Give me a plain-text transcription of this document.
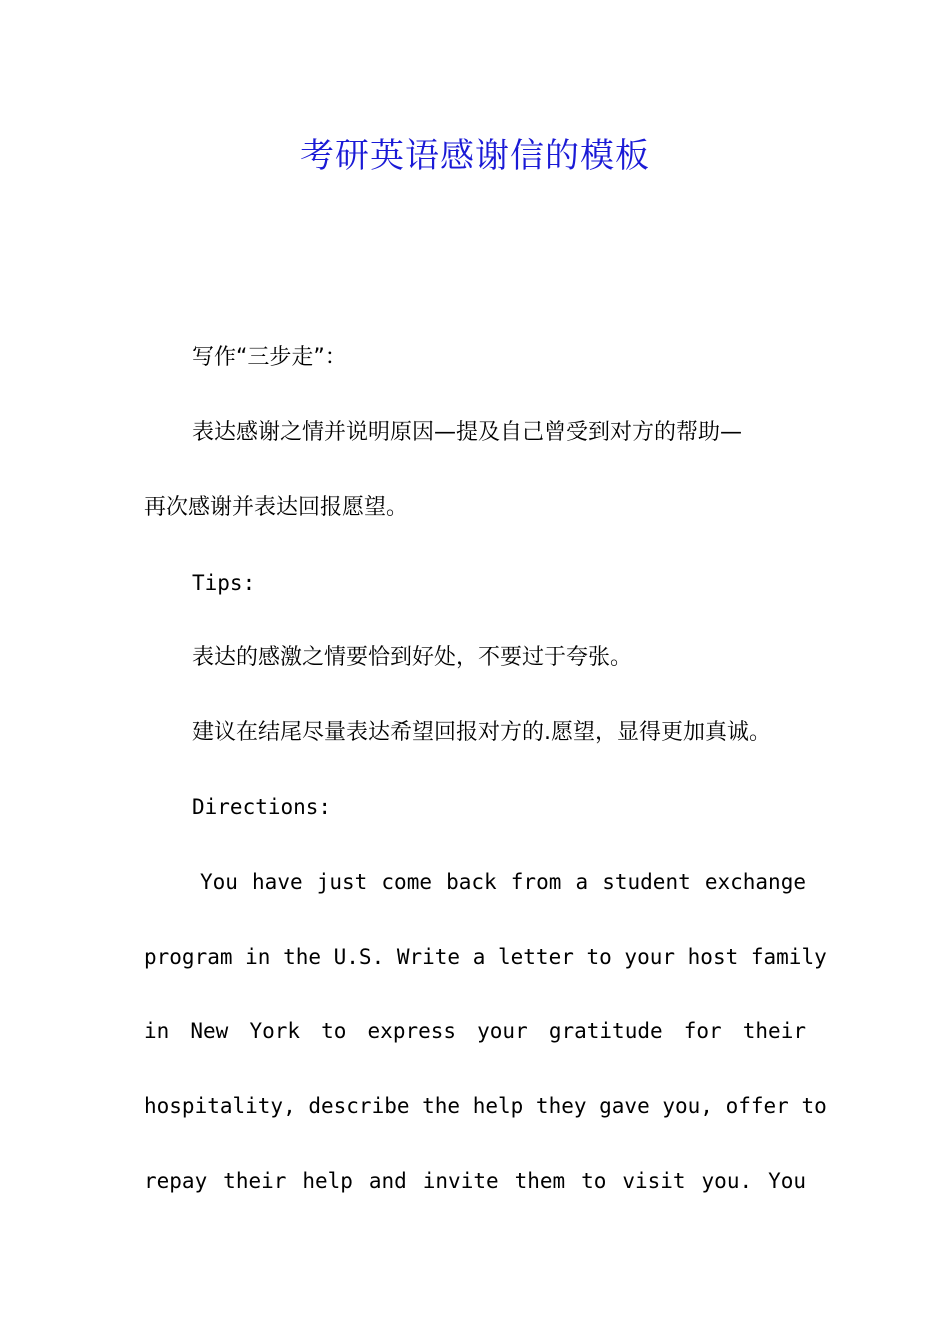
考研英语感谢信的模板
写作“三步走”：
表达感谢之情并说明原因—提及自己曾受到对方的帮助—
再次感谢并表达回报愿望。
Tips:
表达的感激之情要恰到好处，不要过于夸张。
建议在结尾尽量表达希望回报对方的.愿望，显得更加真诚。
Directions:
You have just come back from a student exchange
program in the U.S. Write a letter to your host family
in New York to express your gratitude for their
hospitality, describe the help they gave you, offer to
repay their help and invite them to visit you. You
